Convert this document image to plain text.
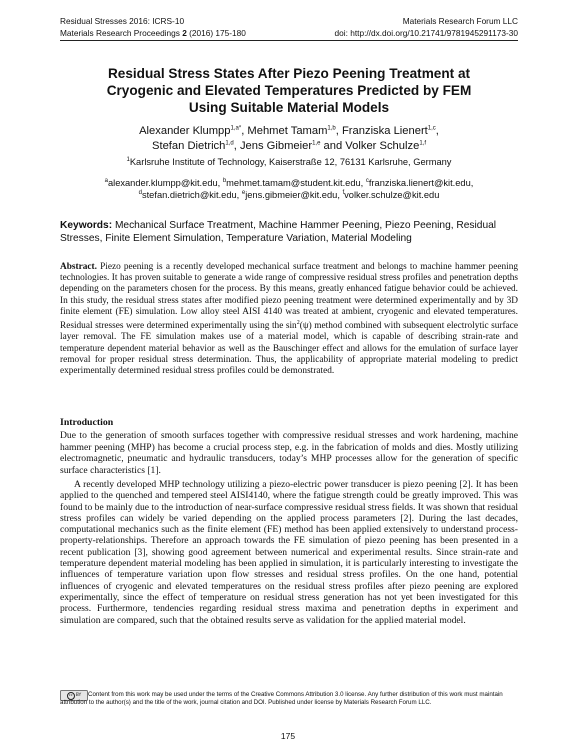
Residual Stresses 2016: ICRS-10	Materials Research Forum LLC
Materials Research Proceedings 2 (2016) 175-180	doi: http://dx.doi.org/10.21741/9781945291173-30
Residual Stress States After Piezo Peening Treatment at
Cryogenic and Elevated Temperatures Predicted by FEM
Using Suitable Material Models
Alexander Klumpp$^{1,a*}$, Mehmet Tamam$^{1,b}$, Franziska Lienert$^{1,c}$,
Stefan Dietrich$^{1,d}$, Jens Gibmeier$^{1,e}$ and Volker Schulze$^{1,f}$
$^1$Karlsruhe Institute of Technology, Kaiserstraße 12, 76131 Karlsruhe, Germany
$^a$alexander.klumpp@kit.edu, $^b$mehmet.tamam@student.kit.edu, $^c$franziska.lienert@kit.edu,
$^d$stefan.dietrich@kit.edu, $^e$jens.gibmeier@kit.edu, $^f$volker.schulze@kit.edu
Keywords: Mechanical Surface Treatment, Machine Hammer Peening, Piezo Peening, Residual Stresses, Finite Element Simulation, Temperature Variation, Material Modeling
Abstract. Piezo peening is a recently developed mechanical surface treatment and belongs to machine hammer peening technologies. It has proven suitable to generate a wide range of compressive residual stress profiles and penetration depths depending on the parameters chosen for the process. By this means, greatly enhanced fatigue behavior could be achieved. In this study, the residual stress states after modified piezo peening treatment were determined experimentally and by 3D finite element (FE) simulation. Low alloy steel AISI 4140 was treated at ambient, cryogenic and elevated temperatures. Residual stresses were determined experimentally using the $\sin^2(\psi)$ method combined with subsequent electrolytic surface layer removal. The FE simulation makes use of a material model, which is capable of describing strain-rate and temperature dependent material behavior as well as the Bauschinger effect and allows for the emulation of surface layer removal for proper residual stress determination. Thus, the applicability of appropriate material modeling to predict experimentally determined residual stress profiles could be demonstrated.
Introduction
Due to the generation of smooth surfaces together with compressive residual stresses and work hardening, machine hammer peening (MHP) has become a crucial process step, e.g. in the fabrication of molds and dies. Mostly utilizing electromagnetic, pneumatic and hydraulic transducers, today’s MHP processes allow for the generation of specific surface characteristics [1].
A recently developed MHP technology utilizing a piezo-electric power transducer is piezo peening [2]. It has been applied to the quenched and tempered steel AISI4140, where the fatigue strength could be greatly improved. This was found to be mainly due to the introduction of near-surface compressive residual stress fields. It was shown that residual stress profiles can widely be varied depending on the applied process parameters [2]. During the last decades, computational mechanics such as the finite element (FE) method has been applied extensively to understand process-property-relationships. Therefore an approach towards the FE simulation of piezo peening has been presented in a recent publication [3], showing good agreement between numerical and experimental results. Since strain-rate and temperature dependent material modeling has been applied in simulation, it is particularly interesting to investigate the influences of temperature variation upon flow stresses and residual stress profiles. On the one hand, potential influences of cryogenic and elevated temperatures on the residual stress profiles after piezo peening are explored experimentally, since the effect of temperature on residual stress generation has not yet been investigated for this process. Furthermore, tendencies regarding residual stress maxima and penetration depths in experiment and simulation are compared, such that the obtained results serve as validation for the applied material model.
cc BY	Content from this work may be used under the terms of the Creative Commons Attribution 3.0 license. Any further distribution of this work must maintain attribution to the author(s) and the title of the work, journal citation and DOI. Published under license by Materials Research Forum LLC.
175
